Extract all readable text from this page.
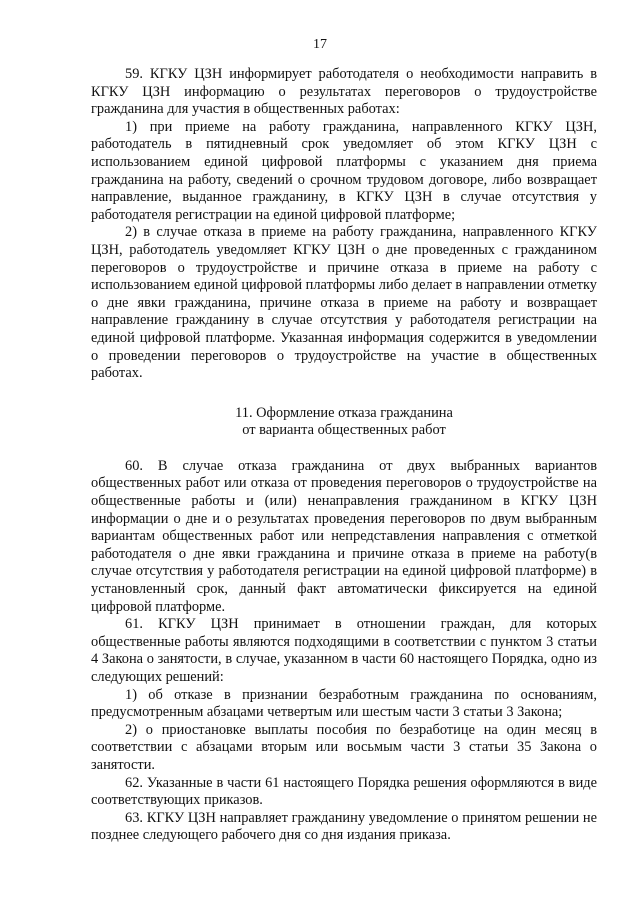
17

59. КГКУ ЦЗН информирует работодателя о необходимости направить в КГКУ ЦЗН информацию о результатах переговоров о трудоустройстве гражданина для участия в общественных работах:

1) при приеме на работу гражданина, направленного КГКУ ЦЗН, работодатель в пятидневный срок уведомляет об этом КГКУ ЦЗН с использованием единой цифровой платформы с указанием дня приема гражданина на работу, сведений о срочном трудовом договоре, либо возвращает направление, выданное гражданину, в КГКУ ЦЗН в случае отсутствия у работодателя регистрации на единой цифровой платформе;

2) в случае отказа в приеме на работу гражданина, направленного КГКУ ЦЗН, работодатель уведомляет КГКУ ЦЗН о дне проведенных с гражданином переговоров о трудоустройстве и причине отказа в приеме на работу с использованием единой цифровой платформы либо делает в направлении отметку о дне явки гражданина, причине отказа в приеме на работу и возвращает направление гражданину в случае отсутствия у работодателя регистрации на единой цифровой платформе. Указанная информация содержится в уведомлении о проведении переговоров о трудоустройстве на участие в общественных работах.

11. Оформление отказа гражданина
от варианта общественных работ

60. В случае отказа гражданина от двух выбранных вариантов общественных работ или отказа от проведения переговоров о трудоустройстве на общественные работы и (или) ненаправления гражданином в КГКУ ЦЗН информации о дне и о результатах проведения переговоров по двум выбранным вариантам общественных работ или непредставления направления с отметкой работодателя о дне явки гражданина и причине отказа в приеме на работу(в случае отсутствия у работодателя регистрации на единой цифровой платформе) в установленный срок, данный факт автоматически фиксируется на единой цифровой платформе.

61. КГКУ ЦЗН принимает в отношении граждан, для которых общественные работы являются подходящими в соответствии с пунктом 3 статьи 4 Закона о занятости, в случае, указанном в части 60 настоящего Порядка, одно из следующих решений:

1) об отказе в признании безработным гражданина по основаниям, предусмотренным абзацами четвертым или шестым части 3 статьи 3 Закона;

2) о приостановке выплаты пособия по безработице на один месяц в соответствии с абзацами вторым или восьмым части 3 статьи 35 Закона о занятости.

62. Указанные в части 61 настоящего Порядка решения оформляются в виде соответствующих приказов.

63. КГКУ ЦЗН направляет гражданину уведомление о принятом решении не позднее следующего рабочего дня со дня издания приказа.
